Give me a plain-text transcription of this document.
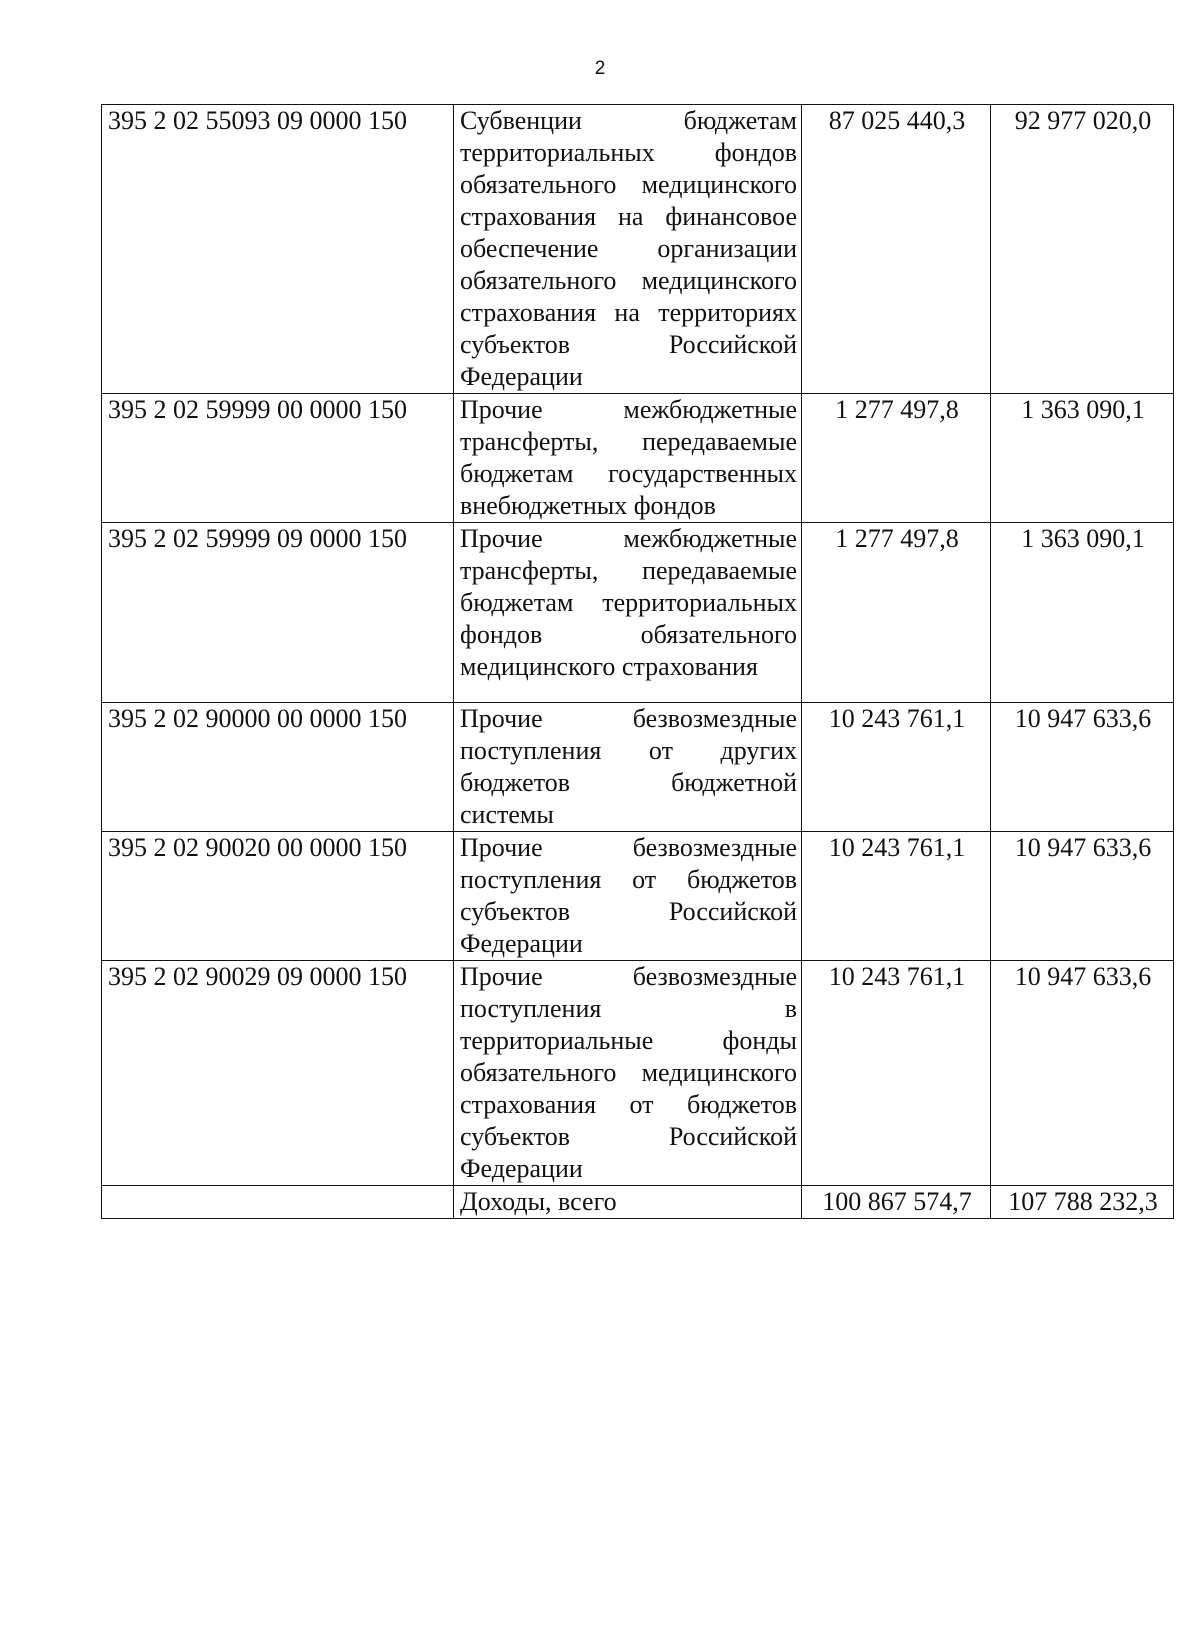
2
395 2 02 55093 09 0000 150	Субвенции бюджетам территориальных фондов обязательного медицинского страхования на финансовое обеспечение организации обязательного медицинского страхования на территориях субъектов Российской Федерации	87 025 440,3	92 977 020,0
395 2 02 59999 00 0000 150	Прочие межбюджетные трансферты, передаваемые бюджетам государственных внебюджетных фондов	1 277 497,8	1 363 090,1
395 2 02 59999 09 0000 150	Прочие межбюджетные трансферты, передаваемые бюджетам территориальных фондов обязательного медицинского страхования	1 277 497,8	1 363 090,1
395 2 02 90000 00 0000 150	Прочие безвозмездные поступления от других бюджетов бюджетной системы	10 243 761,1	10 947 633,6
395 2 02 90020 00 0000 150	Прочие безвозмездные поступления от бюджетов субъектов Российской Федерации	10 243 761,1	10 947 633,6
395 2 02 90029 09 0000 150	Прочие безвозмездные поступления в территориальные фонды обязательного медицинского страхования от бюджетов субъектов Российской Федерации	10 243 761,1	10 947 633,6
	Доходы, всего	100 867 574,7	107 788 232,3
